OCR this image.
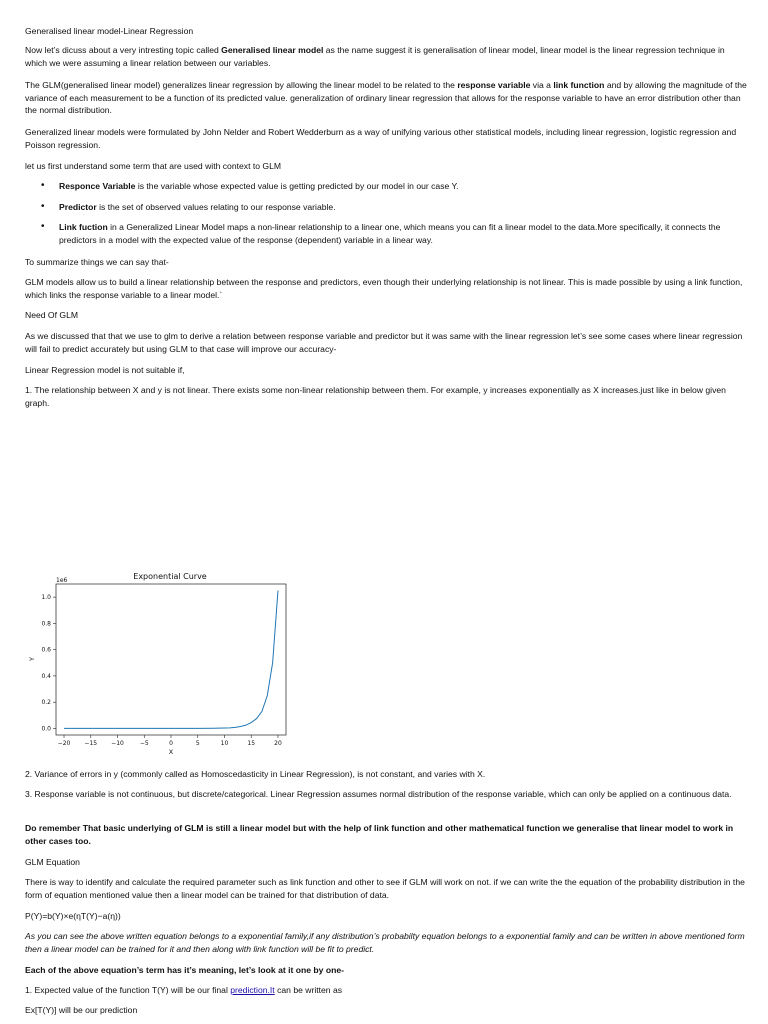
Generalised linear model-Linear Regression

Now let’s dicuss about a very intresting topic called Generalised linear model as the name suggest it is generalisation of linear model, linear model is the linear regression technique in which we were assuming a linear relation between our variables.

The GLM(generalised linear model) generalizes linear regression by allowing the linear model to be related to the response variable via a link function and by allowing the magnitude of the variance of each measurement to be a function of its predicted value. generalization of ordinary linear regression that allows for the response variable to have an error distribution other than the normal distribution.

Generalized linear models were formulated by John Nelder and Robert Wedderburn as a way of unifying various other statistical models, including linear regression, logistic regression and Poisson regression.

let us first understand some term that are used with context to GLM

• Responce Variable is the variable whose expected value is getting predicted by our model in our case Y.
• Predictor is the set of observed values relating to our response variable.
• Link fuction in a Generalized Linear Model maps a non-linear relationship to a linear one, which means you can fit a linear model to the data.More specifically, it connects the predictors in a model with the expected value of the response (dependent) variable in a linear way.

To summarize things we can say that-

GLM models allow us to build a linear relationship between the response and predictors, even though their underlying relationship is not linear. This is made possible by using a link function, which links the response variable to a linear model.`

Need Of GLM

As we discussed that that we use to glm to derive a relation between response variable and predictor but it was same with the linear regression let’s see some cases where linear regression will fail to predict accurately but using GLM to that case will improve our accuracy-

Linear Regression model is not suitable if,

1. The relationship between X and y is not linear. There exists some non-linear relationship between them. For example, y increases exponentially as X increases.just like in below given graph.

Exponential Curve
1e6
−20 −15 −10	−5	0	5	10	15	20
0.0
0.2
0.4
0.6
0.8
1.0
X
Y

2. Variance of errors in y (commonly called as Homoscedasticity in Linear Regression), is not constant, and varies with X.

3. Response variable is not continuous, but discrete/categorical. Linear Regression assumes normal distribution of the response variable, which can only be applied on a continuous data.

Do remember That basic underlying of GLM is still a linear model but with the help of link function and other mathematical function we generalise that linear model to work in other cases too.

GLM Equation

There is way to identify and calculate the required parameter such as link function and other to see if GLM will work on not. if we can write the the equation of the probability distribution in the form of equation mentioned value then a linear model can be trained for that distribution of data.

P(Y)=b(Y)×e(ηT(Y)−a(η))

As you can see the above written equation belongs to a exponential family,if any distribution’s probabilty equation belongs to a exponential family and can be written in above mentioned form then a linear model can be trained for it and then along with link function will be fit to predict.

Each of the above equation’s term has it’s meaning, let’s look at it one by one-

1. Expected value of the function T(Y) will be our final prediction.It can be written as

Ex[T(Y)] will be our prediction
